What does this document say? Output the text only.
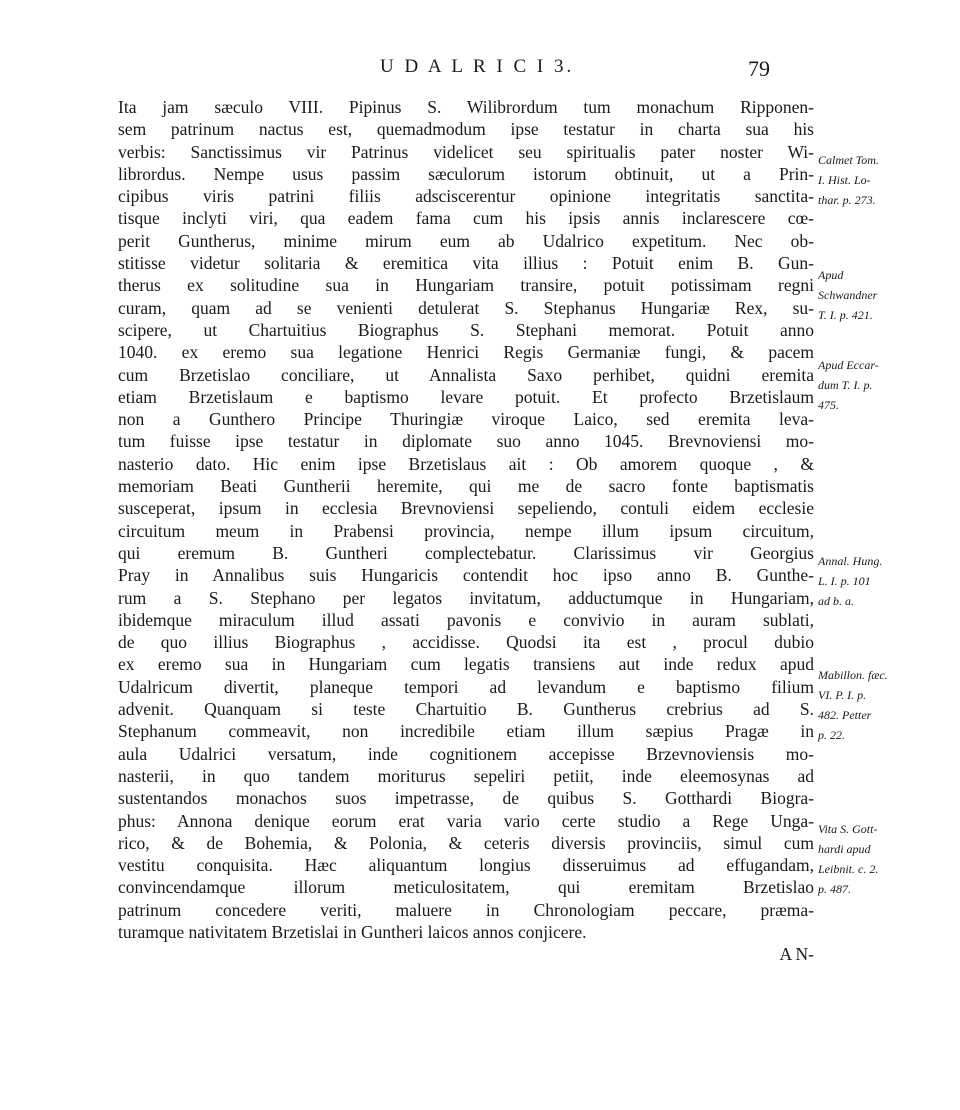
U D A L R I C I 3.	79
Ita jam sæculo VIII. Pipinus S. Wilibrordum tum monachum Ripponen-
sem patrinum nactus est, quemadmodum ipse testatur in charta sua his
verbis: Sanctissimus vir Patrinus videlicet seu spiritualis pater noster Wi-
librordus. Nempe usus passim sæculorum istorum obtinuit, ut a Prin-
cipibus viris patrini filiis adsciscerentur opinione integritatis sanctita-
tisque inclyti viri, qua eadem fama cum his ipsis annis inclarescere cœ-
perit Guntherus, minime mirum eum ab Udalrico expetitum. Nec ob-
stitisse videtur solitaria & eremitica vita illius : Potuit enim B. Gun-
therus ex solitudine sua in Hungariam transire, potuit potissimam regni
curam, quam ad se venienti detulerat S. Stephanus Hungariæ Rex, su-
scipere, ut Chartuitius Biographus S. Stephani memorat. Potuit anno
1040. ex eremo sua legatione Henrici Regis Germaniæ fungi, & pacem
cum Brzetislao conciliare, ut Annalista Saxo perhibet, quidni eremita
etiam Brzetislaum e baptismo levare potuit. Et profecto Brzetislaum
non a Gunthero Principe Thuringiæ viroque Laico, sed eremita leva-
tum fuisse ipse testatur in diplomate suo anno 1045. Brevnoviensi mo-
nasterio dato. Hic enim ipse Brzetislaus ait : Ob amorem quoque , &
memoriam Beati Guntherii heremite, qui me de sacro fonte baptismatis
susceperat, ipsum in ecclesia Brevnoviensi sepeliendo, contuli eidem ecclesie
circuitum meum in Prabensi provincia, nempe illum ipsum circuitum,
qui eremum B. Guntheri complectebatur. Clarissimus vir Georgius
Pray in Annalibus suis Hungaricis contendit hoc ipso anno B. Gunthe-
rum a S. Stephano per legatos invitatum, adductumque in Hungariam,
ibidemque miraculum illud assati pavonis e convivio in auram sublati,
de quo illius Biographus , accidisse. Quodsi ita est , procul dubio
ex eremo sua in Hungariam cum legatis transiens aut inde redux apud
Udalricum divertit, planeque tempori ad levandum e baptismo filium
advenit. Quanquam si teste Chartuitio B. Guntherus crebrius ad S.
Stephanum commeavit, non incredibile etiam illum sæpius Pragæ in
aula Udalrici versatum, inde cognitionem accepisse Brzevnoviensis mo-
nasterii, in quo tandem moriturus sepeliri petiit, inde eleemosynas ad
sustentandos monachos suos impetrasse, de quibus S. Gotthardi Biogra-
phus: Annona denique eorum erat varia vario certe studio a Rege Unga-
rico, & de Bohemia, & Polonia, & ceteris diversis provinciis, simul cum
vestitu conquisita. Hæc aliquantum longius disseruimus ad effugandam,
convincendamque illorum meticulositatem, qui eremitam Brzetislao
patrinum concedere veriti, maluere in Chronologiam peccare, præma-
turamque nativitatem Brzetislai in Guntheri laicos annos conjicere.
A N-
Calmet Tom.
I. Hist. Lo-
thar. p. 273.
Apud
Schwandner
T. I. p. 421.
Apud Eccar-
dum T. I. p.
475.
Annal. Hung.
L. I. p. 101
ad b. a.
Mabillon. fæc.
VI. P. I. p.
482. Petter
p. 22.
Vita S. Gott-
hardi apud
Leibnit. c. 2.
p. 487.
